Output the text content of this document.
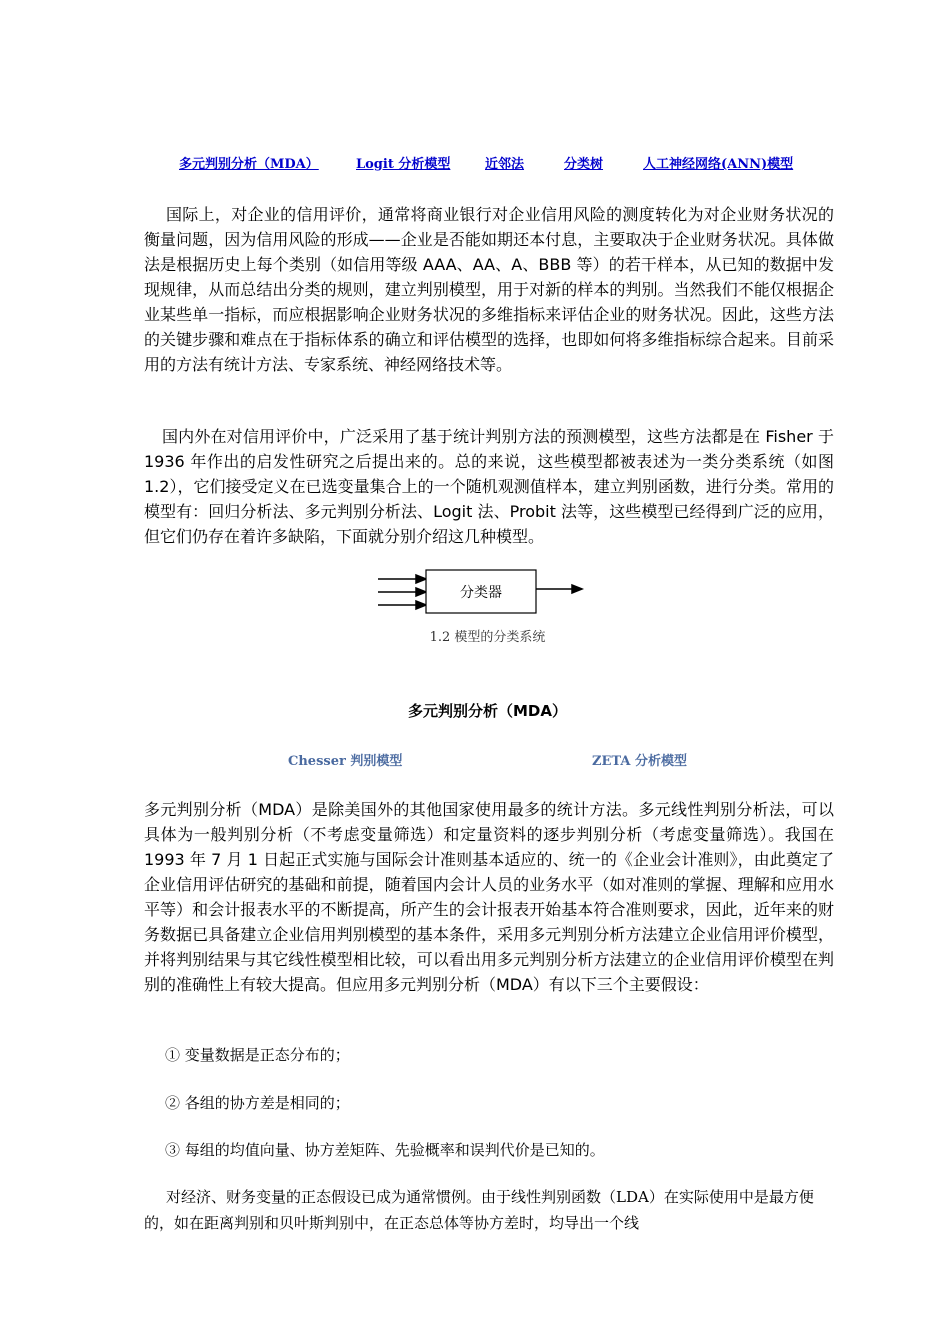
多元判别分析（MDA）	Logit 分析模型	近邻法	分类树	人工神经网络(ANN)模型

国际上，对企业的信用评价，通常将商业银行对企业信用风险的测度转化为对企业财务状况的衡量问题，因为信用风险的形成——企业是否能如期还本付息，主要取决于企业财务状况。具体做法是根据历史上每个类别（如信用等级 AAA、AA、A、BBB 等）的若干样本，从已知的数据中发现规律，从而总结出分类的规则，建立判别模型，用于对新的样本的判别。当然我们不能仅根据企业某些单一指标，而应根据影响企业财务状况的多维指标来评估企业的财务状况。因此，这些方法的关键步骤和难点在于指标体系的确立和评估模型的选择，也即如何将多维指标综合起来。目前采用的方法有统计方法、专家系统、神经网络技术等。

国内外在对信用评价中，广泛采用了基于统计判别方法的预测模型，这些方法都是在 Fisher 于 1936 年作出的启发性研究之后提出来的。总的来说，这些模型都被表述为一类分类系统（如图 1.2），它们接受定义在已选变量集合上的一个随机观测值样本，建立判别函数，进行分类。常用的模型有：回归分析法、多元判别分析法、Logit 法、Probit 法等，这些模型已经得到广泛的应用，但它们仍存在着许多缺陷，下面就分别介绍这几种模型。

分类器
1.2 模型的分类系统
多元判别分析（MDA）
Chesser 判别模型	ZETA 分析模型

多元判别分析（MDA）是除美国外的其他国家使用最多的统计方法。多元线性判别分析法，可以具体为一般判别分析（不考虑变量筛选）和定量资料的逐步判别分析（考虑变量筛选）。我国在 1993 年 7 月 1 日起正式实施与国际会计准则基本适应的、统一的《企业会计准则》，由此奠定了企业信用评估研究的基础和前提，随着国内会计人员的业务水平（如对准则的掌握、理解和应用水平等）和会计报表水平的不断提高，所产生的会计报表开始基本符合准则要求，因此，近年来的财务数据已具备建立企业信用判别模型的基本条件，采用多元判别分析方法建立企业信用评价模型，并将判别结果与其它线性模型相比较，可以看出用多元判别分析方法建立的企业信用评价模型在判别的准确性上有较大提高。但应用多元判别分析（MDA）有以下三个主要假设：

① 变量数据是正态分布的；
② 各组的协方差是相同的；
③ 每组的均值向量、协方差矩阵、先验概率和误判代价是已知的。

对经济、财务变量的正态假设已成为通常惯例。由于线性判别函数（LDA）在实际使用中是最方便的，如在距离判别和贝叶斯判别中，在正态总体等协方差时，均导出一个线
